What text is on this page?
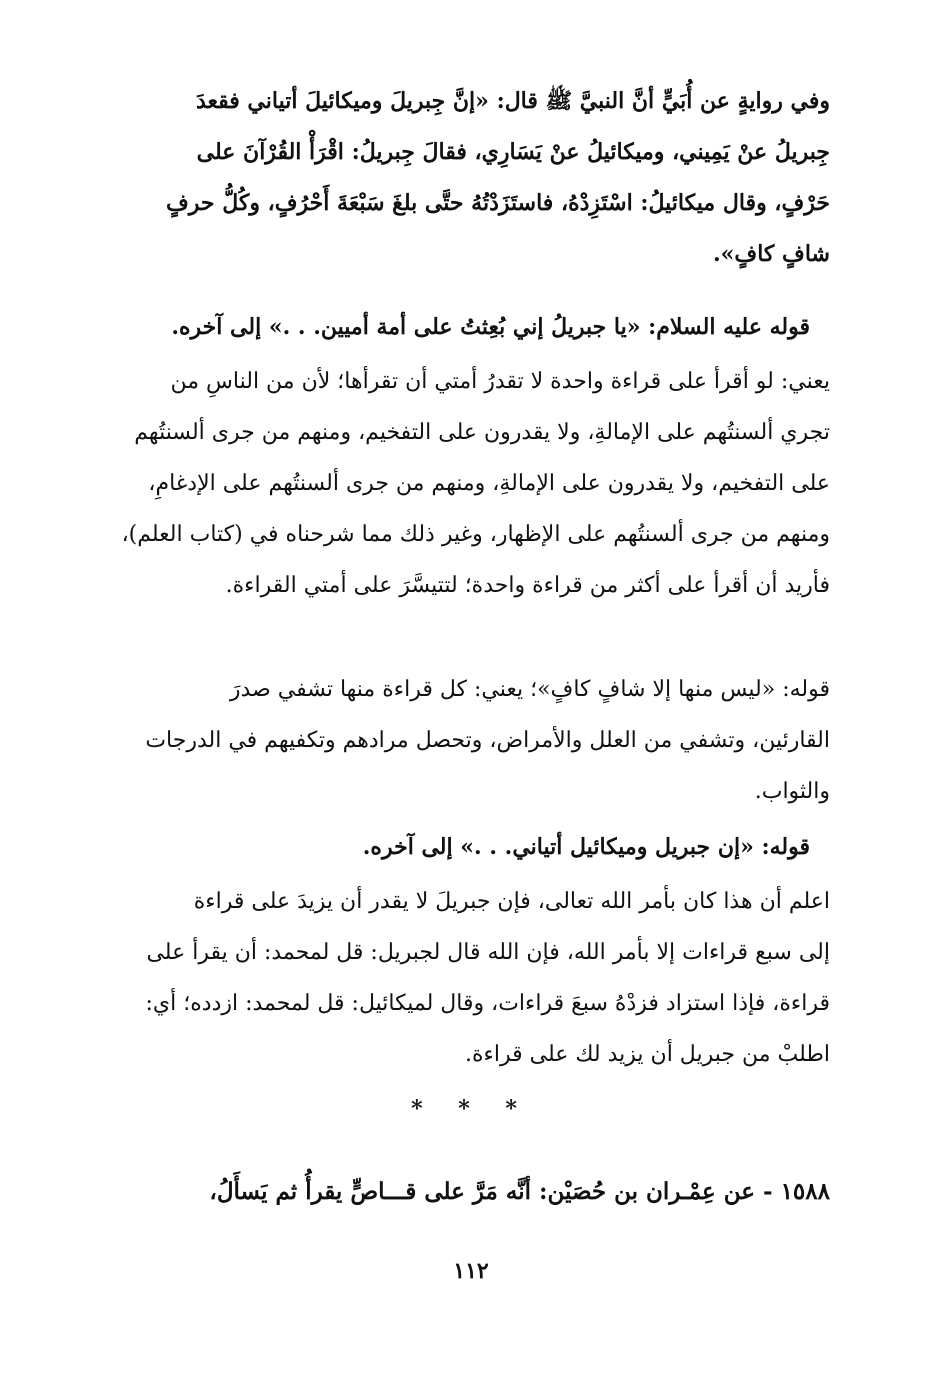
وفي روايةٍ عن أُبَيٍّ أنَّ النبيَّ ﷺ قال: «إنَّ جِبريلَ وميكائيلَ أتياني فقعدَ
جِبريلُ عنْ يَمِيني، وميكائيلُ عنْ يَسَارِي، فقالَ جِبريلُ: اقْرَأْ القُرْآنَ على
حَرْفٍ، وقال ميكائيلُ: اسْتَزِدْهُ، فاستَزَدْتُهُ حتَّى بلغَ سَبْعَةَ أَحْرُفٍ، وكُلُّ حرفٍ
شافٍ كافٍ».
قوله عليه السلام: «يا جبريلُ إني بُعِثتُ على أمة أميين. . .» إلى آخره.
يعني: لو أقرأ على قراءة واحدة لا تقدرُ أمتي أن تقرأها؛ لأن من الناسِ من
تجري ألسنتُهم على الإمالةِ، ولا يقدرون على التفخيم، ومنهم من جرى ألسنتُهم
على التفخيم، ولا يقدرون على الإمالةِ، ومنهم من جرى ألسنتُهم على الإدغامِ،
ومنهم من جرى ألسنتُهم على الإظهار، وغير ذلك مما شرحناه في (كتاب العلم)،
فأريد أن أقرأ على أكثر من قراءة واحدة؛ لتتيسَّرَ على أمتي القراءة.
قوله: «ليس منها إلا شافٍ كافٍ»؛ يعني: كل قراءة منها تشفي صدرَ
القارئين، وتشفي من العلل والأمراض، وتحصل مرادهم وتكفيهم في الدرجات
والثواب.
قوله: «إن جبريل وميكائيل أتياني. . .» إلى آخره.
اعلم أن هذا كان بأمر الله تعالى، فإن جبريلَ لا يقدر أن يزيدَ على قراءة
إلى سبع قراءات إلا بأمر الله، فإن الله قال لجبريل: قل لمحمد: أن يقرأ على
قراءة، فإذا استزاد فزدْهُ سبعَ قراءات، وقال لميكائيل: قل لمحمد: ازدده؛ أي:
اطلبْ من جبريل أن يزيد لك على قراءة.
* * *
١٥٨٨ - عن عِمْـران بن حُصَيْن: أنَّه مَرَّ على قـــاصٍّ يقرأُ ثم يَسأَلُ،
١١٢
